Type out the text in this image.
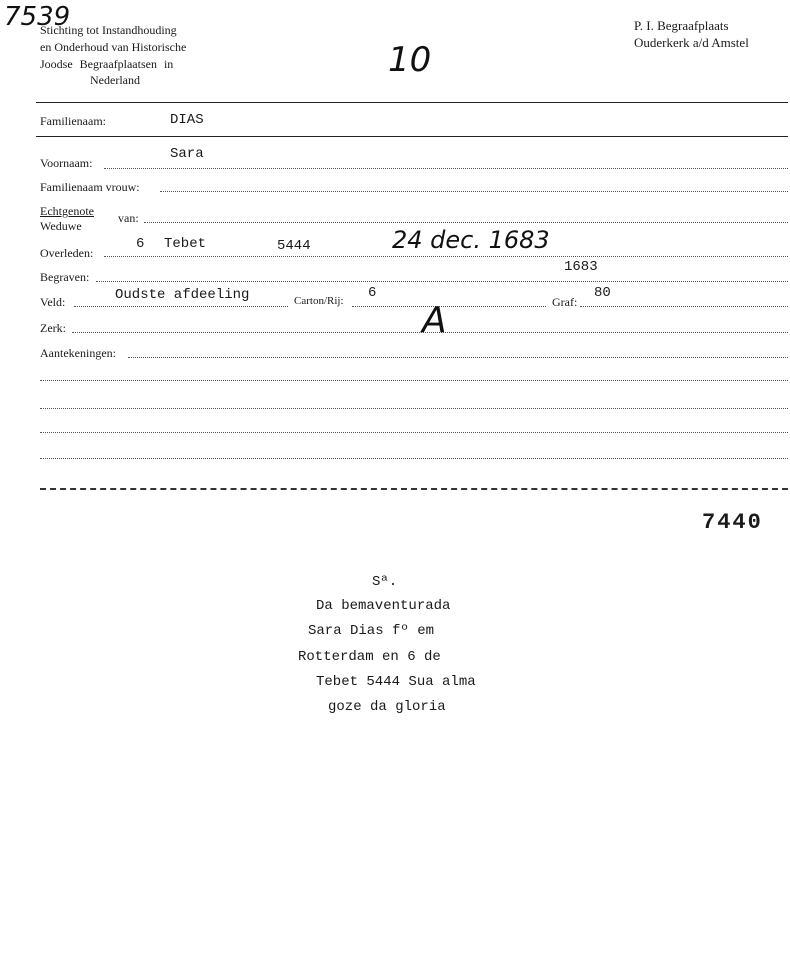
7539
Stichting tot Instandhouding
en Onderhoud van Historische
Joodse Begraafplaatsen in
Nederland	10
P. I. Begraafplaats
Ouderkerk a/d Amstel
Familienaam:	DIAS
Voornaam:
Sara
Familienaam vrouw:
Echtgenote
Weduwe
van:
Overleden:
6 Tebet	5444	24 dec. 1683
Begraven:
1683
Veld:	Oudste afdeeling	Carton/Rij: 6
Graf:
80
Zerk:	A
Aantekeningen:
7440
Sª.
Da bemaventurada
Sara Dias fº em
Rotterdam en 6 de
Tebet 5444 Sua alma
goze da gloria
